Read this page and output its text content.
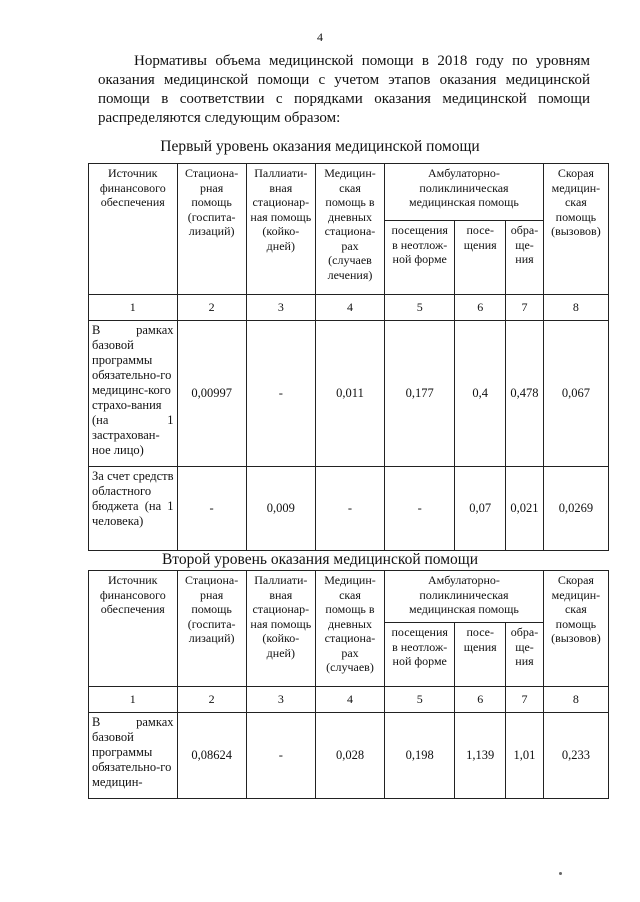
4
Нормативы объема медицинской помощи в 2018 году по уровням оказания медицинской помощи с учетом этапов оказания медицинской помощи в соответствии с порядками оказания медицинской помощи распределяются следующим образом:
Первый уровень оказания медицинской помощи
Источник финансового обеспечения	Стациона-рная помощь (госпита-лизаций)	Паллиати-вная стационар-ная помощь (койко-дней)	Медицин-ская помощь в дневных стациона-рах (случаев лечения)	Амбулаторно-поликлиническая медицинская помощь			Скорая медицин-ская помощь (вызовов)
				посещения в неотлож-ной форме	посе-щения	обра-ще-ния	
1	2	3	4	5	6	7	8
В рамках базовой программы обязательно-го медицинс-кого страхо-вания (на 1 застрахован-ное лицо)	0,00997	-	0,011	0,177	0,4	0,478	0,067
За счет средств областного бюджета (на 1 человека)	-	0,009	-	-	0,07	0,021	0,0269
Второй уровень оказания медицинской помощи
Источник финансового обеспечения	Стациона-рная помощь (госпита-лизаций)	Паллиати-вная стационар-ная помощь (койко-дней)	Медицин-ская помощь в дневных стациона-рах (случаев)	Амбулаторно-поликлиническая медицинская помощь			Скорая медицин-ская помощь (вызовов)
				посещения в неотлож-ной форме	посе-щения	обра-ще-ния	
1	2	3	4	5	6	7	8
В рамках базовой программы обязательно-го медицин-	0,08624	-	0,028	0,198	1,139	1,01	0,233
